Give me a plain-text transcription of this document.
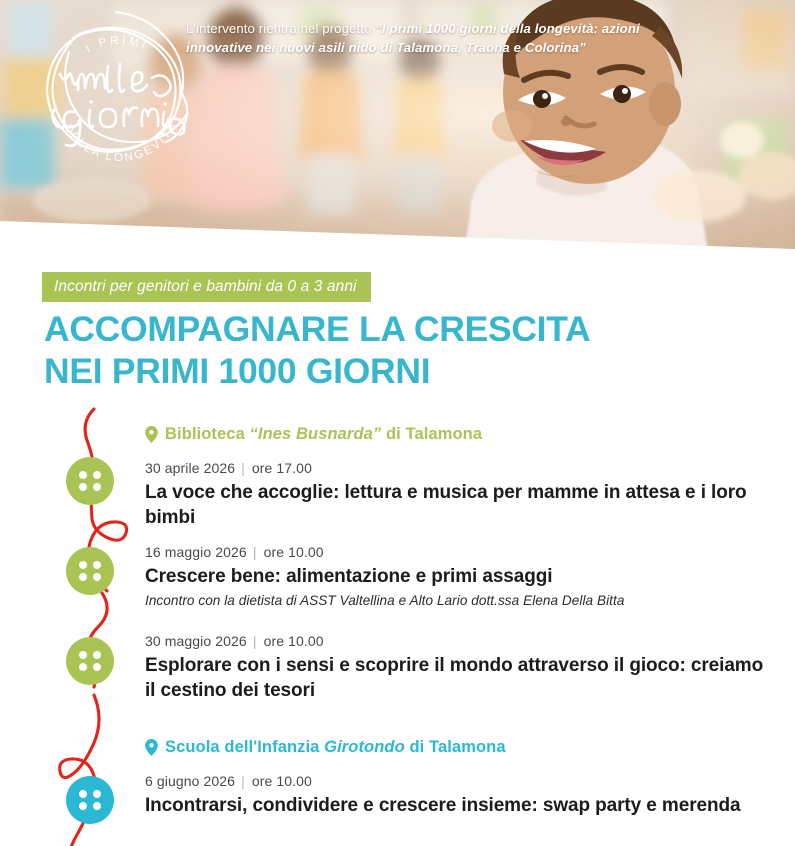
I PRIMI
DELLA LONGEVITÀ
L'intervento rientra nel progetto “I primi 1000 giorni della longevità: azioni innovative nei nuovi asili nido di Talamona, Traona e Colorina”
Incontri per genitori e bambini da 0 a 3 anni
ACCOMPAGNARE LA CRESCITA
NEI PRIMI 1000 GIORNI
Biblioteca “Ines Busnarda” di Talamona
30 aprile 2026 | ore 17.00
La voce che accoglie: lettura e musica per mamme in attesa e i loro bimbi
16 maggio 2026 | ore 10.00
Crescere bene: alimentazione e primi assaggi
Incontro con la dietista di ASST Valtellina e Alto Lario dott.ssa Elena Della Bitta
30 maggio 2026 | ore 10.00
Esplorare con i sensi e scoprire il mondo attraverso il gioco: creiamo il cestino dei tesori
Scuola dell'Infanzia Girotondo di Talamona
6 giugno 2026 | ore 10.00
Incontrarsi, condividere e crescere insieme: swap party e merenda
